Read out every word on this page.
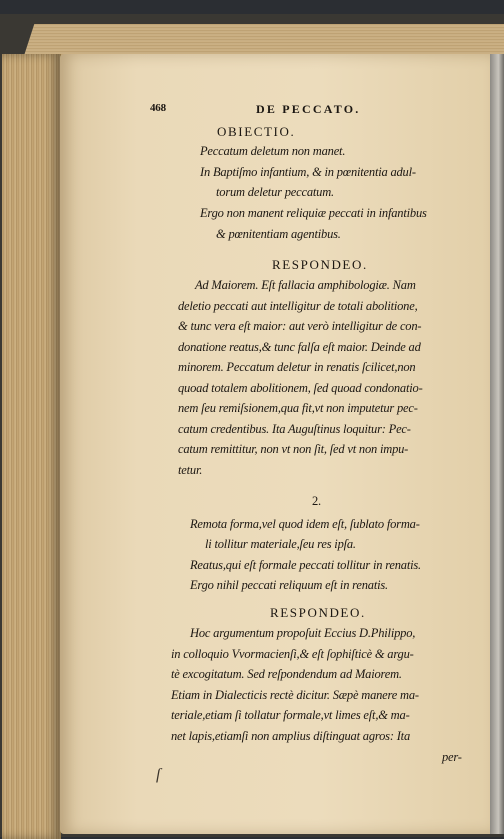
468	DE PECCATO.
OBIECTIO.
Peccatum deletum non manet.
In Baptiſmo infantium, & in pœnitentia adul-
torum deletur peccatum.
Ergo non manent reliquiæ peccati in infantibus
& pœnitentiam agentibus.
RESPONDEO.
Ad Maiorem. Eſt fallacia amphibologiæ. Nam
deletio peccati aut intelligitur de totali abolitione,
& tunc vera eſt maior: aut verò intelligitur de con-
donatione reatus,& tunc falſa eſt maior. Deinde ad
minorem. Peccatum deletur in renatis ſcilicet,non
quoad totalem abolitionem, ſed quoad condonatio-
nem ſeu remiſsionem,qua fit,vt non imputetur pec-
catum credentibus. Ita Auguſtinus loquitur: Pec-
catum remittitur, non vt non ſit, ſed vt non impu-
tetur.
2.
Remota forma,vel quod idem eſt, ſublato forma-
li tollitur materiale,ſeu res ipſa.
Reatus,qui eſt formale peccati tollitur in renatis.
Ergo nihil peccati reliquum eſt in renatis.
RESPONDEO.
Hoc argumentum propoſuit Eccius D.Philippo,
in colloquio Vvormacienſi,& eſt ſophiſticè & argu-
tè excogitatum. Sed reſpondendum ad Maiorem.
Etiam in Dialecticis rectè dicitur. Sæpè manere ma-
teriale,etiam ſi tollatur formale,vt limes eſt,& ma-
net lapis,etiamſi non amplius diſtinguat agros: Ita
per-
ſ
